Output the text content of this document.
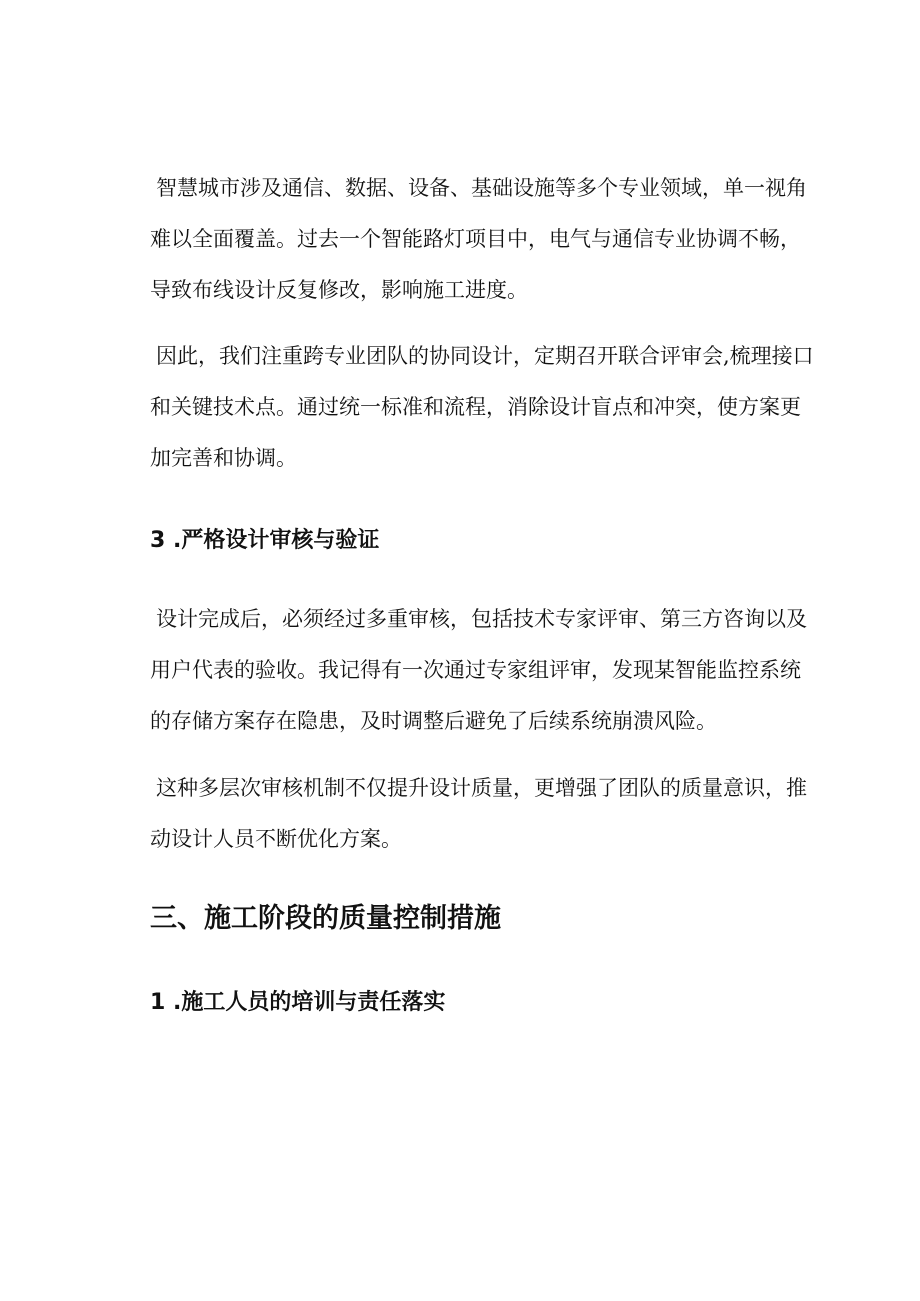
智慧城市涉及通信、数据、设备、基础设施等多个专业领域，单一视角难以全面覆盖。过去一个智能路灯项目中，电气与通信专业协调不畅，导致布线设计反复修改，影响施工进度。

因此，我们注重跨专业团队的协同设计，定期召开联合评审会,梳理接口和关键技术点。通过统一标准和流程，消除设计盲点和冲突，使方案更加完善和协调。

3 .严格设计审核与验证

设计完成后，必须经过多重审核，包括技术专家评审、第三方咨询以及用户代表的验收。我记得有一次通过专家组评审，发现某智能监控系统的存储方案存在隐患，及时调整后避免了后续系统崩溃风险。

这种多层次审核机制不仅提升设计质量，更增强了团队的质量意识，推动设计人员不断优化方案。

三、施工阶段的质量控制措施
1 .施工人员的培训与责任落实
